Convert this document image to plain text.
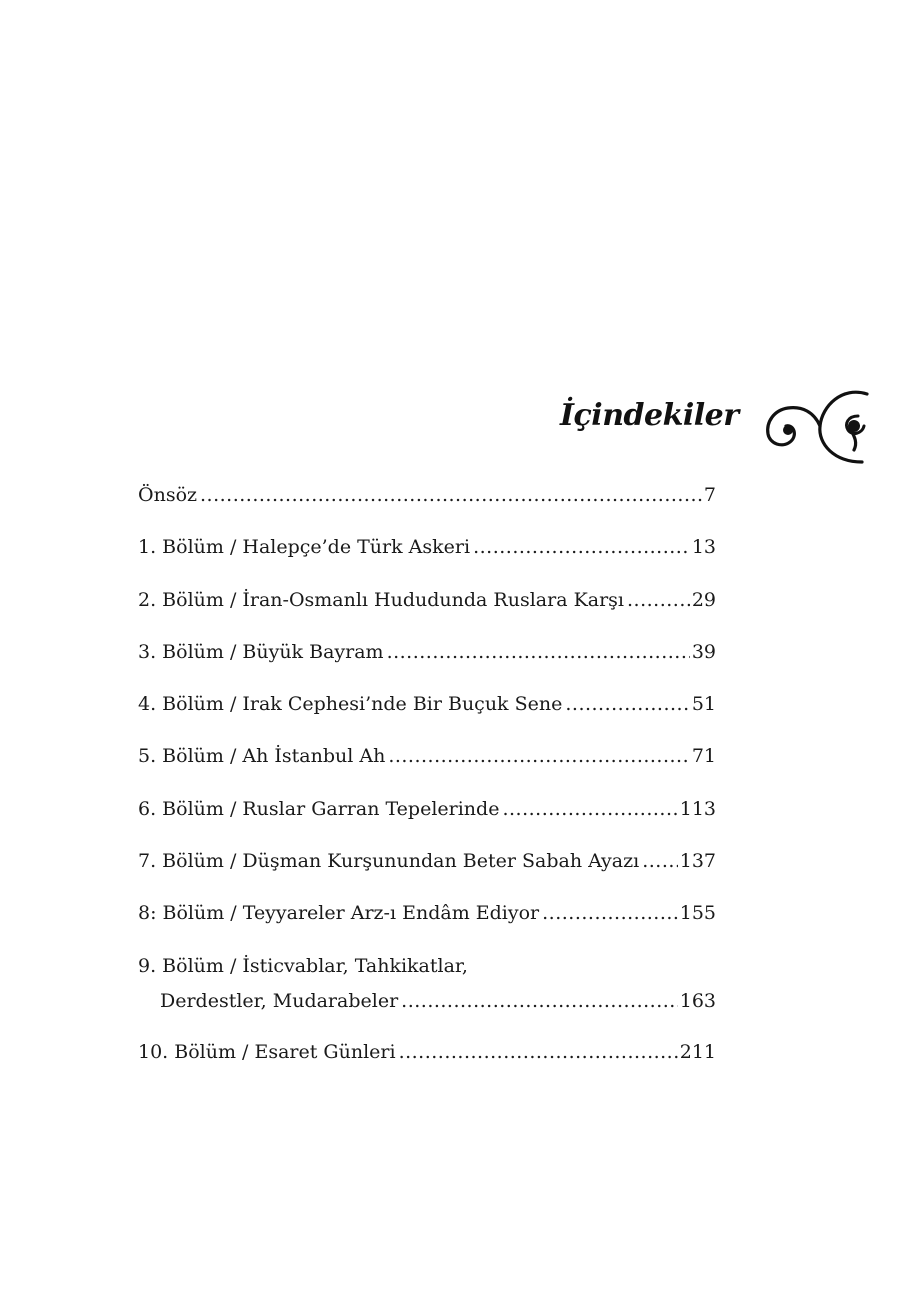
İçindekiler
Önsöz .....	7
1. Bölüm / Halepçe’de Türk Askeri .....	13
2. Bölüm / İran-Osmanlı Hududunda Ruslara Karşı .....	29
3. Bölüm / Büyük Bayram .....	39
4. Bölüm / Irak Cephesi’nde Bir Buçuk Sene .....	51
5. Bölüm / Ah İstanbul Ah .....	71
6. Bölüm / Ruslar Garran Tepelerinde .....	113
7. Bölüm / Düşman Kurşunundan Beter Sabah Ayazı ..... 137
8: Bölüm / Teyyareler Arz-ı Endâm Ediyor .....	155
9. Bölüm / İsticvablar, Tahkikatlar,
Derdestler, Mudarabeler .....	163
10. Bölüm / Esaret Günleri .....	211
